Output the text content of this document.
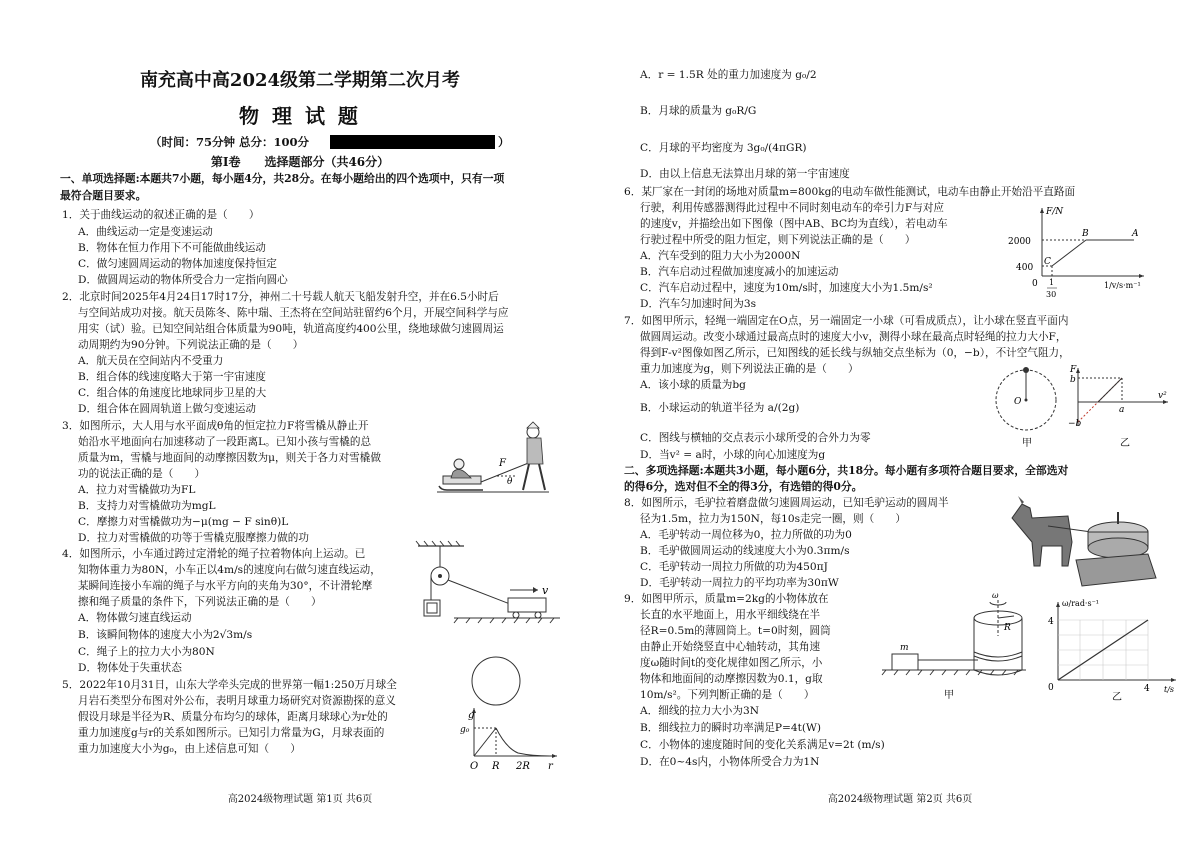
南充高中高2024级第二学期第二次月考
物 理 试 题
（时间：75分钟 总分：100分	）
第Ⅰ卷　　选择题部分（共46分）
一、单项选择题:本题共7小题，每小题4分，共28分。在每小题给出的四个选项中，只有一项
最符合题目要求。
1．关于曲线运动的叙述正确的是（　　）
A．曲线运动一定是变速运动
B．物体在恒力作用下不可能做曲线运动
C．做匀速圆周运动的物体加速度保持恒定
D．做圆周运动的物体所受合力一定指向圆心
2．北京时间2025年4月24日17时17分，神州二十号载人航天飞船发射升空，并在6.5小时后
与空间站成功对接。航天员陈冬、陈中瑞、王杰将在空间站驻留约6个月，开展空间科学与应
用实（试）验。已知空间站组合体质量为90吨，轨道高度约400公里，绕地球做匀速圆周运
动周期约为90分钟。下列说法正确的是（　　）
A．航天员在空间站内不受重力
B．组合体的线速度略大于第一宇宙速度
C．组合体的角速度比地球同步卫星的大
D．组合体在圆周轨道上做匀变速运动
3．如图所示，大人用与水平面成θ角的恒定拉力F将雪橇从静止开
始沿水平地面向右加速移动了一段距离L。已知小孩与雪橇的总
质量为m，雪橇与地面间的动摩擦因数为μ，则关于各力对雪橇做
功的说法正确的是（　　）
A．拉力对雪橇做功为FL
B．支持力对雪橇做功为mgL
C．摩擦力对雪橇做功为−μ(mg − F sinθ)L
D．拉力对雪橇做的功等于雪橇克服摩擦力做的功
F
θ
4．如图所示，小车通过跨过定滑轮的绳子拉着物体向上运动。已
知物体重力为80N，小车正以4m/s的速度向右做匀速直线运动，
某瞬间连接小车端的绳子与水平方向的夹角为30°，不计滑轮摩
擦和绳子质量的条件下，下列说法正确的是（　　）
A．物体做匀速直线运动
B．该瞬间物体的速度大小为2√3m/s
C．绳子上的拉力大小为80N
D．物体处于失重状态
v
5．2022年10月31日，山东大学牵头完成的世界第一幅1:250万月球全
月岩石类型分布图对外公布，表明月球重力场研究对资源勘探的意义
假设月球是半径为R、质量分布均匀的球体，距离月球球心为r处的
重力加速度g与r的关系如图所示。已知引力常量为G，月球表面的
重力加速度大小为g₀，由上述信息可知（　　）
g
g₀
O R 2R r
高2024级物理试题 第1页 共6页
A．r = 1.5R 处的重力加速度为 g₀/2
B．月球的质量为 g₀R/G
C．月球的平均密度为 3g₀/(4πGR)
D．由以上信息无法算出月球的第一宇宙速度
6．某厂家在一封闭的场地对质量m=800kg的电动车做性能测试，电动车由静止开始沿平直路面
行驶，利用传感器测得此过程中不同时刻电动车的牵引力F与对应
的速度v，并描绘出如下图像（图中AB、BC均为直线），若电动车
行驶过程中所受的阻力恒定，则下列说法正确的是（　　）
A．汽车受到的阻力大小为2000N
B．汽车启动过程做加速度减小的加速运动
C．汽车启动过程中，速度为10m/s时，加速度大小为1.5m/s²
D．汽车匀加速时间为3s
F/N
2000
400
B	A
C
0 1
30
1/v/s·m⁻¹
7．如图甲所示，轻绳一端固定在O点，另一端固定一小球（可看成质点），让小球在竖直平面内
做圆周运动。改变小球通过最高点时的速度大小v，测得小球在最高点时轻绳的拉力大小F，
得到F-v²图像如图乙所示，已知图线的延长线与纵轴交点坐标为（0，−b），不计空气阻力，
重力加速度为g，则下列说法正确的是（　　）
A．该小球的质量为bg
B．小球运动的轨道半径为 a/(2g)
C．图线与横轴的交点表示小球所受的合外力为零
D．当v² = a时，小球的向心加速度为g
O
甲
F
b
−b
a
v²
乙
二、多项选择题:本题共3小题，每小题6分，共18分。每小题有多项符合题目要求，全部选对
的得6分，选对但不全的得3分，有选错的得0分。
8．如图所示，毛驴拉着磨盘做匀速圆周运动，已知毛驴运动的圆周半
径为1.5m，拉力为150N，每10s走完一圈，则（　　）
A．毛驴转动一周位移为0，拉力所做的功为0
B．毛驴做圆周运动的线速度大小为0.3πm/s
C．毛驴转动一周拉力所做的功为450πJ
D．毛驴转动一周拉力的平均功率为30πW
9．如图甲所示，质量m=2kg的小物体放在
长直的水平地面上，用水平细线绕在半
径R=0.5m的薄圆筒上。t=0时刻，圆筒
由静止开始绕竖直中心轴转动，其角速
度ω随时间t的变化规律如图乙所示，小
物体和地面间的动摩擦因数为0.1，g取
10m/s²。下列判断正确的是（　　）
A．细线的拉力大小为3N
B．细线拉力的瞬时功率满足P=4t(W)
C．小物体的速度随时间的变化关系满足v=2t (m/s)
D．在0~4s内，小物体所受合力为1N
m
ω
R
甲
ω/rad·s⁻¹
4
0	4 t/s
乙
高2024级物理试题 第2页 共6页
